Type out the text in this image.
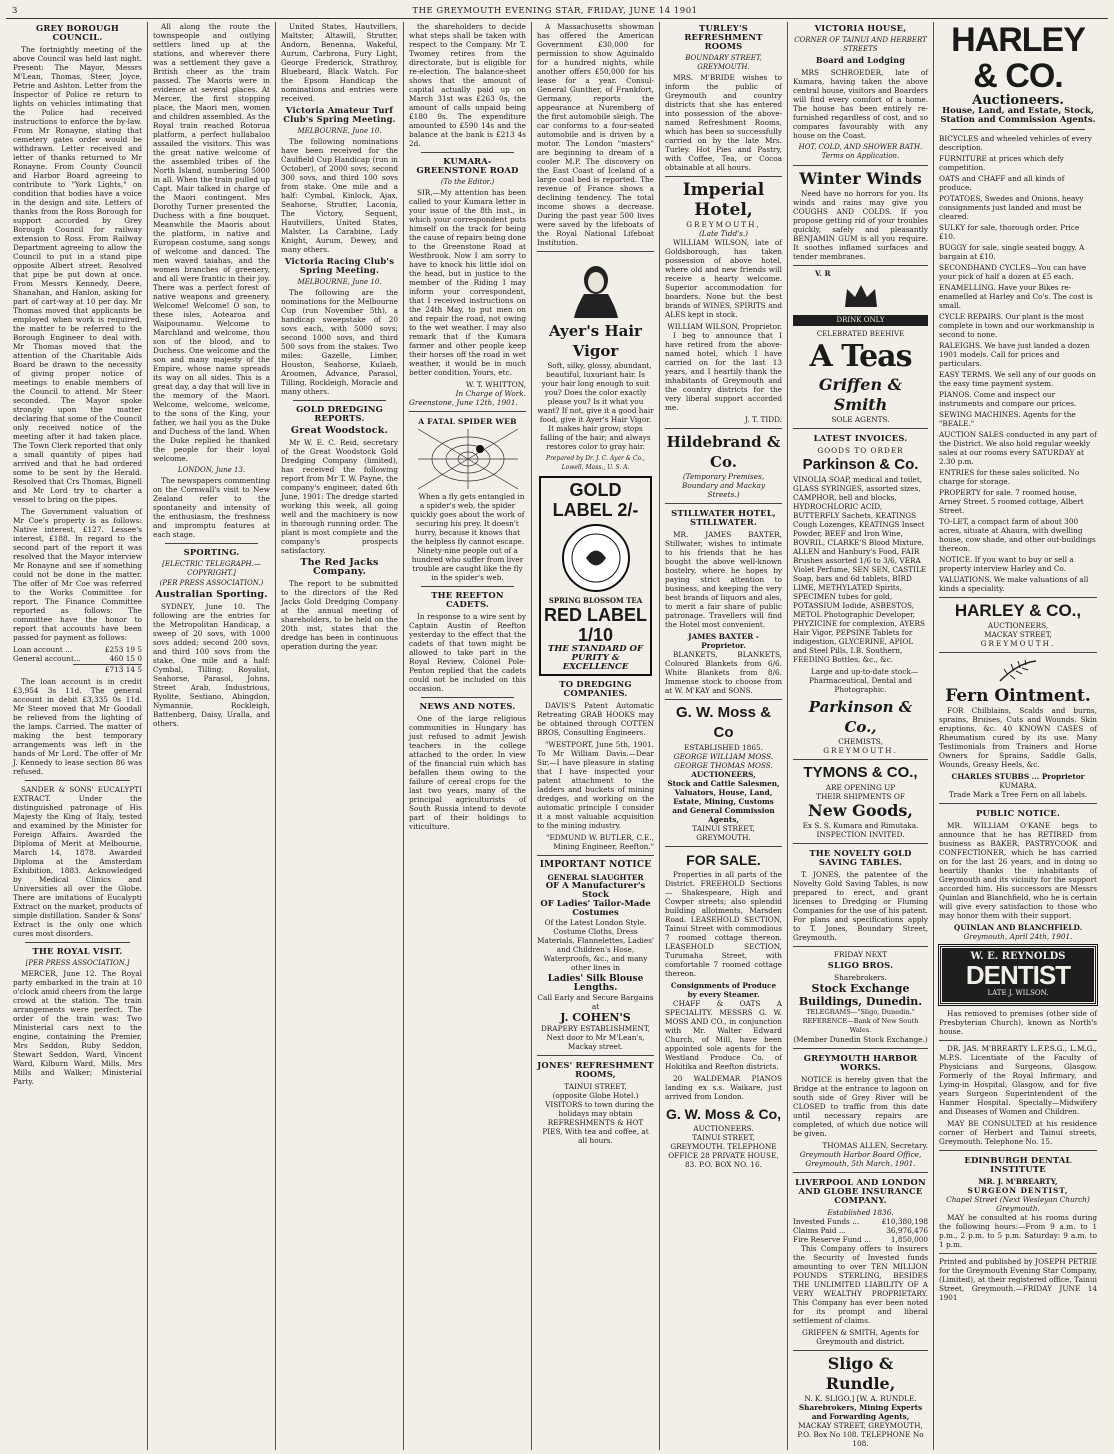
3	THE GREYMOUTH EVENING STAR, FRIDAY, JUNE 14 1901
GREY BOROUGH COUNCIL.

The fortnightly meeting of the above Council was held last night. Present: The Mayor, Messrs M'Lean, Thomas, Steer, Joyce, Petrie and Ashton. Letter from the Inspector of Police re return to lights on vehicles intimating that the Police had received instructions to enforce the by-law. From Mr Ronayne, stating that cemetery gates order would be withdrawn. Letter received and letter of thanks returned to Mr Ronayne. From County Council and Harbor Board agreeing to contribute to "York Lights," on condition that bodies have a voice in the design and site. Letters of thanks from the Ross Borough for support accorded by Grey Borough Council for railway extension to Ross. From Railway Department agreeing to allow the Council to put in a stand pipe opposite Albert street. Resolved that pipe be put down at once. From Messrs Kennedy, Deere, Shanahan, and Hanlon, asking for part of cart-way at 10 per day. Mr Thomas moved that applicants be employed when work is required, the matter to be referred to the Borough Engineer to deal with. Mr Thomas moved that the attention of the Charitable Aids Board be drawn to the necessity of giving proper notice of meetings to enable members of the Council to attend. Mr Steer seconded. The Mayor spoke strongly upon the matter declaring that some of the Council only received notice of the meeting after it had taken place. The Town Clerk reported that only a small quantity of pipes had arrived and that he had ordered some to be sent by the Herald. Resolved that Crs Thomas, Bignell and Mr Lord try to charter a vessel to bring on the pipes.

The Government valuation of Mr Coe's property is as follows: Native interest, £127. Lessee's interest, £188. In regard to the second part of the report it was resolved that the Mayor interview Mr Ronayne and see if something could not be done in the matter. The offer of Mr Coe was referred to the Works Committee for report. The Finance Committee reported as follows: The committee have the honor to report that accounts have been passed for payment as follows:

Loan account ...	£253 19 5
General account...	460 15 0
£713 14 5

The loan account is in credit £3,954 3s 11d. The general account in debit £3,335 0s 11d. Mr Steer moved that Mr Goodall be relieved from the lighting of the lamps. Carried. The matter of making the best temporary arrangements was left in the hands of Mr Lord. The offer of Mr J. Kennedy to lease section 86 was refused.

SANDER & SONS' EUCALYPTI EXTRACT. Under the distinguished patronage of His Majesty the King of Italy, tested and examined by the Minister for Foreign Affairs. Awarded the Diploma of Merit at Melbourne, March 14, 1878. Awarded Diploma at the Amsterdam Exhibition, 1883. Acknowledged by Medical Clinics and Universities all over the Globe. There are imitations of Eucalypti Extract on the market, products of simple distillation. Sander & Sons' Extract is the only one which cures most disorders.

THE ROYAL VISIT.
[PER PRESS ASSOCIATION.]

MERCER, June 12. The Royal party embarked in the train at 10 o'clock amid cheers from the large crowd at the station. The train arrangements were perfect. The order of the train was: Two Ministerial cars next to the engine, containing the Premier, Mrs Seddon, Ruby Seddon, Stewart Seddon, Ward, Vincent Ward, Kilburn Ward, Mills, Mrs Mills and Walker; Ministerial Party.

All along the route the townspeople and outlying settlers lined up at the stations, and wherever there was a settlement they gave a British cheer as the train passed. The Maoris were in evidence at several places. At Mercer, the first stopping place, the Maori men, women and children assembled. As the Royal train reached Rotorua platform, a perfect hullabaloo assailed the visitors. This was the great native welcome of the assembled tribes of the North Island, numbering 5000 in all. When the train pulled up Capt. Mair talked in charge of the Maori contingent. Mrs Dorothy Turner presented the Duchess with a fine bouquet. Meanwhile the Maoris about the platform, in native and European costume, sang songs of welcome and danced. The men waved taiahas, and the women branches of greenery, and all were frantic in their joy. There was a perfect forest of native weapons and greenery. Welcome! Welcome! O son, to these isles, Aotearoa and Waipounamu. Welcome to Marchland and welcome, thou son of the blood, and to Duchess. One welcome and the son and many majesty of the Empire, whose name spreads its way on all sides. This is a great day, a day that will live in the memory of the Maori. Welcome, welcome, welcome, to the sons of the King, your father, we hail you as the Duke and Duchess of the land. When the Duke replied he thanked the people for their loyal welcome.

LONDON, June 13.

The newspapers commenting on the Cornwall's visit to New Zealand refer to the spontaneity and intensity of the enthusiasm, the freshness and impromptu features at each stage.

SPORTING.
[ELECTRIC TELEGRAPH.—COPYRIGHT.]
(PER PRESS ASSOCIATION.)
Australian Sporting.

SYDNEY, June 10. The following are the entries for the Metropolitan Handicap, a sweep of 20 sovs, with 1000 sovs added; second 200 sovs, and third 100 sovs from the stake. One mile and a half: Cymbal, Tilling, Royalist, Seahorse, Parasol, Johns, Street Arab, Industrious, Ryolite, Sestiano, Abingdon, Nymannie, Rockleigh, Battenberg, Daisy, Uralla, and others.

United States, Hautvillers, Maltster, Altawill, Strutter, Andorn, Benenna, Wakeful, Aurum, Carbrona, Fury Light, George Frederick, Strathroy, Bluebeard, Black Watch. For the Epsom Handicap the nominations and entries were received.

Victoria Amateur Turf Club's Spring Meeting.
MELBOURNE, June 10.

The following nominations have been received for the Caulfield Cup Handicap (run in October), of 2000 sovs; second 300 sovs, and third 100 sovs from stake. One mile and a half: Cymbal, Kinlock, Ajax, Seahorse, Strutter, Laconia, The Victory, Sequent, Hautvillers, United States, Malster, La Carabine, Lady Knight, Aurum, Dewey, and many others.

Victoria Racing Club's Spring Meeting.
MELBOURNE, June 10.

The following are the nominations for the Melbourne Cup (run November 5th), a handicap sweepstake of 20 sovs each, with 5000 sovs; second 1000 sovs, and third 500 sovs from the stakes. Two miles: Gazelle, Limber, Houston, Seahorse, Kulaeb, Aroomen, Advance, Parasol, Tilling, Rockleigh, Moracle and many others.

GOLD DREDGING REPORTS.
Great Woodstock.

Mr W. E. C. Reid, secretary of the Great Woodstock Gold Dredging Company (limited), has received the following report from Mr T. W. Payne, the company's engineer, dated 6th June, 1901: The dredge started working this week, all going well and the machinery is now in thorough running order. The plant is most complete and the company's prospects satisfactory.

The Red Jacks Company.

The report to be submitted to the directors of the Red Jacks Gold Dredging Company at the annual meeting of shareholders, to be held on the 20th inst, states that the dredge has been in continuous operation during the year.

the shareholders to decide what steps shall be taken with respect to the Company. Mr T. Twomey retires from the directorate, but is eligible for re-election. The balance-sheet shows that the amount of capital actually paid up on March 31st was £263 0s, the amount of calls unpaid being £180 9s. The expenditure amounted to £590 14s and the balance at the bank is £213 4s 2d.

KUMARA-GREENSTONE ROAD
(To the Editor.)

SIR,—My attention has been called to your Kumara letter in your issue of the 8th inst., in which your correspondent puts himself on the track for being the cause of repairs being done to the Greenstone Road at Westbrook. Now I am sorry to have to knock his little idol on the head, but in justice to the member of the Riding I may inform your correspondent, that I received instructions on the 24th May, to put men on and repair the road, not owing to the wet weather. I may also remark that if the Kumara farmer and other people keep their horses off the road in wet weather, it would be in much better condition. Yours, etc.

W. T. WHITTON,
In Charge of Work.
Greenstone, June 12th, 1901.
A FATAL SPIDER WEB

When a fly gets entangled in a spider's web, the spider quickly goes about the work of securing his prey. It doesn't hurry, because it knows that the helpless fly cannot escape. Ninety-nine people out of a hundred who suffer from liver trouble are caught like the fly in the spider's web.

THE REEFTON CADETS.

In response to a wire sent by Captain Austin of Reefton yesterday to the effect that the cadets of that town might be allowed to take part in the Royal Review, Colonel Pole-Penton replied that the cadets could not be included on this occasion.

NEWS AND NOTES.

One of the large religious communities in Hungary has just refused to admit Jewish teachers in the college attached to the order. In view of the financial ruin which has befallen them owing to the failure of cereal crops for the last two years, many of the principal agriculturists of South Russia intend to devote part of their holdings to viticulture.

A Massachusetts showman has offered the American Government £30,000 for permission to show Aguinaldo for a hundred nights, while another offers £50,000 for his lease for a year. Consul-General Gunther, of Frankfort, Germany, reports the appearance at Nuremberg of the first automobile sleigh. The car conforms to a four-seated automobile and is driven by a motor. The London "masters" are beginning to dream of a cooler M.P. The discovery on the East Coast of Iceland of a large coal bed is reported. The revenue of France shows a declining tendency. The total income shows a decrease. During the past year 500 lives were saved by the lifeboats of the Royal National Lifeboat Institution.

Ayer's Hair Vigor

Soft, silky, glossy, abundant, beautiful, luxuriant hair. Is your hair long enough to suit you? Does the color exactly please you? Is it what you want? If not, give it a good hair food, give it Ayer's Hair Vigor. It makes hair grow; stops falling of the hair; and always restores color to gray hair.

Prepared by Dr. J. C. Ayer & Co., Lowell, Mass., U. S. A.
GOLD LABEL 2/-
SPRING BLOSSOM TEA
RED LABEL 1/10
THE STANDARD OF PURITY & EXCELLENCE
TO DREDGING COMPANIES.

DAVIS'S Patent Automatic Retreating GRAB HOOKS may be obtained through COTTEN BROS, Consulting Engineers.

"WESTPORT, June 5th, 1901. To Mr William Davis.—Dear Sir,—I have pleasure in stating that I have inspected your patent attachment to the ladders and buckets of mining dredges, and working on the automatic principle I consider it a most valuable acquisition to the mining industry.

"EDMUND W. BUTLER, C.E., Mining Engineer, Reefton."
IMPORTANT NOTICE
GENERAL SLAUGHTER
OF A Manufacturer's Stock
OF Ladies' Tailor-Made Costumes

Of the Latest London Style. Costume Cloths, Dress Materials, Flannelettes, Ladies' and Children's Hose, Waterproofs, &c., and many other lines in

Ladies' Silk Blouse Lengths.
Call Early and Secure Bargains at
J. COHEN'S
DRAPERY ESTABLISHMENT, Next door to Mr M'Lean's, Mackay street.
JONES' REFRESHMENT ROOMS,
TAINUI STREET,
(opposite Globe Hotel.)

VISITORS to town during the holidays may obtain REFRESHMENTS & HOT PIES, With tea and coffee, at all hours.

TURLEY'S REFRESHMENT ROOMS
BOUNDARY STREET, GREYMOUTH.

MRS. M'BRIDE wishes to inform the public of Greymouth and country districts that she has entered into possession of the above-named Refreshment Rooms, which has been so successfully carried on by the late Mrs. Turley. Hot Pies and Pastry, with Coffee, Tea, or Cocoa obtainable at all hours.

Imperial Hotel,
GREYMOUTH,
(Late Tidd's.)

WILLIAM WILSON, late of Goldsborough, has taken possession of above hotel, where old and new friends will receive a hearty welcome. Superior accommodation for boarders. None but the best brands of WINES, SPIRITS and ALES kept in stock.

WILLIAM WILSON, Proprietor.

I beg to announce that I have retired from the above-named hotel, which I have carried on for the last 13 years, and I heartily thank the inhabitants of Greymouth and the country districts for the very liberal support accorded me.

J. T. TIDD.
Hildebrand & Co.
(Temporary Premises, Boundary and Mackay Streets.)
STILLWATER HOTEL, STILLWATER.

MR. JAMES BAXTER, Stillwater, wishes to intimate to his friends that he has bought the above well-known hostelry, where he hopes by paying strict attention to business, and keeping the very best brands of liquors and ales, to merit a fair share of public patronage. Travellers will find the Hotel most convenient.

JAMES BAXTER - Proprietor.

BLANKETS, BLANKETS, Coloured Blankets from 6/6. White Blankets from 8/6. Immense stock to choose from at W. M'KAY and SONS.

G. W. Moss & Co
ESTABLISHED 1865.
GEORGE WILLIAM MOSS. GEORGE THOMAS MOSS.
AUCTIONEERS,
Stock and Cattle Salesmen, Valuators, House, Land, Estate, Mining, Customs and General Commission Agents,
TAINUI STREET, GREYMOUTH.
FOR SALE.

Properties in all parts of the District. FREEHOLD Sections — Shakespeare, High and Cowper streets; also splendid building allotments, Marsden Road. LEASEHOLD SECTION, Tainui Street with commodious 7 roomed cottage thereon. LEASEHOLD SECTION, Turumaha Street, with comfortable 7 roomed cottage thereon.

Consignments of Produce by every Steamer.

CHAFF & OATS A SPECIALITY. MESSRS G. W. MOSS AND CO., in conjunction with Mr. Walter Edward Church, of Mill, have been appointed sole agents for the Westland Produce Co. of Hokitika and Reefton districts.

20 WALDEMAR PIANOS landing ex s.s. Waikare, just arrived from London.

G. W. Moss & Co,
AUCTIONEERS.
TAINUI STREET, GREYMOUTH. TELEPHONE OFFICE 28 PRIVATE HOUSE, 83. P.O. BOX NO. 16.
VICTORIA HOUSE,
CORNER OF TAINUI AND HERBERT STREETS
Board and Lodging

MRS SCHROEDER, late of Kumara, having taken the above central house, visitors and Boarders will find every comfort of a home. The house has been entirely re-furnished regardless of cost, and so compares favourably with any house on the Coast.

HOT, COLD, AND SHOWER BATH. Terms on Application.
Winter Winds

Need have no horrors for you. Its winds and rains may give you COUGHS AND COLDS. If you propose getting rid of your troubles quickly, safely and pleasantly BENJAMIN GUM is all you require. It soothes inflamed surfaces and tender membranes.

V. R
DRINK ONLY
CELEBRATED BEEHIVE
A Teas
Griffen & Smith
SOLE AGENTS.
LATEST INVOICES.
GOODS TO ORDER
Parkinson & Co.

VINOLIA SOAP, medical and toilet, GLASS SYRINGES, assorted sizes, CAMPHOR, bell and blocks, HYDROCHLORIC ACID, BUTTERFLY Sachets, KEATINGS Cough Lozenges, KEATINGS Insect Powder, BEEF and Iron Wine, BOVRIL, CLARKE'S Blood Mixture, ALLEN and Hanbury's Food, FAIR Brushes assorted 1/6 to 3/6, VERA Violet Perfume, SEN SEN, CASTILE Soap, bars and 6d tablets, BIRD LIME, METHYLATED Spirits, SPECIMEN tubes for gold, POTASSIUM Iodide, ASBESTOS, METOL Photographic Developer, PHYZICINE for complexion, AYERS Hair Vigor, PEPSINE Tablets for indigestion, GLYCERINE, APIOL and Steel Pills, I.B. Southern, FEEDING Bottles, &c., &c.

Large and up-to-date stock—Pharmaceutical, Dental and Photographic.

Parkinson & Co.,
CHEMISTS,
GREYMOUTH.
TYMONS & CO.,
ARE OPENING UP
THEIR SHIPMENTS OF
New Goods,
Ex S. S. Kumara and Rimutaka.
INSPECTION INVITED.
THE NOVELTY GOLD SAVING TABLES.

T. JONES, the patentee of the Novelty Gold Saving Tables, is now prepared to erect, and grant licenses to Dredging or Fluming Companies for the use of his patent. For plans and specifications apply to T. Jones, Boundary Street, Greymouth.

FRIDAY NEXT
SLIGO BROS.
Sharebrokers.
Stock Exchange Buildings, Dunedin.
TELEGRAMS—"Sligo, Dunedin." REFERENCE—Bank of New South Wales.
(Member Dunedin Stock Exchange.)
GREYMOUTH HARBOR WORKS.

NOTICE is hereby given that the Bridge at the entrance to lagoon on south side of Grey River will be CLOSED to traffic from this date until necessary repairs are completed, of which due notice will be given.

THOMAS ALLEN, Secretary.
Greymouth Harbor Board Office, Greymouth, 5th March, 1901.
LIVERPOOL AND LONDON AND GLOBE INSURANCE COMPANY.
Established 1836.
Invested Funds ...	£10,380,198
Claims Paid ...	36,976,476
Fire Reserve Fund ...	1,850,000

This Company offers to Insurers the Security of Invested funds amounting to over TEN MILLION POUNDS STERLING, BESIDES THE UNLIMITED LIABILITY OF A VERY WEALTHY PROPRIETARY. This Company has ever been noted for its prompt and liberal settlement of claims.

GRIFFEN & SMITH, Agents for Greymouth and district.
Sligo & Rundle,
N. K. SLIGO.] [W. A. RUNDLE.
Sharebrokers, Mining Experts and Forwarding Agents,
MACKAY STREET, GREYMOUTH,
P.O. Box No 108. TELEPHONE No 108.
HARLEY & CO.
Auctioneers.
House, Land, and Estate, Stock, Station and Commission Agents.
BICYCLES and wheeled vehicles of every description.
FURNITURE at prices which defy competition.
OATS and CHAFF and all kinds of produce.
POTATOES, Swedes and Onions, heavy consignments just landed and must be cleared.
SULKY for sale, thorough order. Price £10.
BUGGY for sale, single seated buggy. A bargain at £10.
SECONDHAND CYCLES—You can have your pick of half a dozen at £5 each.
ENAMELLING. Have your Bikes re-enamelled at Harley and Co's. The cost is small.
CYCLE REPAIRS. Our plant is the most complete in town and our workmanship is second to none.
RALEIGHS. We have just landed a dozen 1901 models. Call for prices and particulars.
EASY TERMS. We sell any of our goods on the easy time payment system.
PIANOS. Come and inspect our instruments and compare our prices.
SEWING MACHINES. Agents for the "BEALE."
AUCTION SALES conducted in any part of the District. We also hold regular weekly sales at our rooms every SATURDAY at 2.30 p.m.
ENTRIES for these sales solicited. No charge for storage.
PROPERTY for sale. 7 roomed house, Arney Street. 5 roomed cottage, Albert Street.
TO-LET, a compact farm of about 300 acres, situate at Ahaura, with dwelling house, cow shade, and other out-buildings thereon.
NOTICE. If you want to buy or sell a property interview Harley and Co.
VALUATIONS. We make valuations of all kinds a speciality.
HARLEY & CO.,
AUCTIONEERS,
MACKAY STREET,
GREYMOUTH.
Fern Ointment.

FOR Chilblains, Scalds and burns, sprains, Bruises, Cuts and Wounds. Skin eruptions, &c. 40 KNOWN CASES of Rheumatism cured by its use. Many Testimonials from Trainers and Horse Owners for Sprains, Saddle Galls, Wounds, Greasy Heels, &c.

CHARLES STUBBS ... Proprietor
KUMARA.
Trade Mark a Tree Fern on all labels.
PUBLIC NOTICE.

MR. WILLIAM O'KANE begs to announce that he has RETIRED from business as BAKER, PASTRYCOOK and CONFECTIONER, which he has carried on for the last 26 years, and in doing so heartily thanks the inhabitants of Greymouth and its vicinity for the support accorded him. His successors are Messrs Quinlan and Blanchfield, who he is certain will give every satisfaction to those who may honor them with their support.

QUINLAN AND BLANCHFIELD.
Greymouth, April 24th, 1901.
W. E. REYNOLDS
DENTIST
LATE J. WILSON.

Has removed to premises (other side of Presbyterian Church), known as North's house.

DR. JAS. M'BREARTY L.F.P.S.G., L.M.G., M.P.S. Licentiate of the Faculty of Physicians and Surgeons, Glasgow. Formerly of the Royal Infirmary, and Lying-in Hospital, Glasgow, and for five years Surgeon Superintendent of the Hanmer Hospital. Specially—Midwifery and Diseases of Women and Children.

MAY BE CONSULTED at his residence corner of Herbert and Tainui streets, Greymouth. Telephone No. 15.

EDINBURGH DENTAL INSTITUTE
MR. J. M'BREARTY,
SURGEON DENTIST,
Chapel Street (Next Wesleyan Church) Greymouth.

MAY be consulted at his rooms during the following hours:—From 9 a.m. to 1 p.m., 2 p.m. to 5 p.m. Saturday: 9 a.m. to 1 p.m.

Printed and published by JOSEPH PETRIE for the Greymouth Evening Star Company, (Limited), at their registered office, Tainui Street, Greymouth.—FRIDAY JUNE 14 1901
